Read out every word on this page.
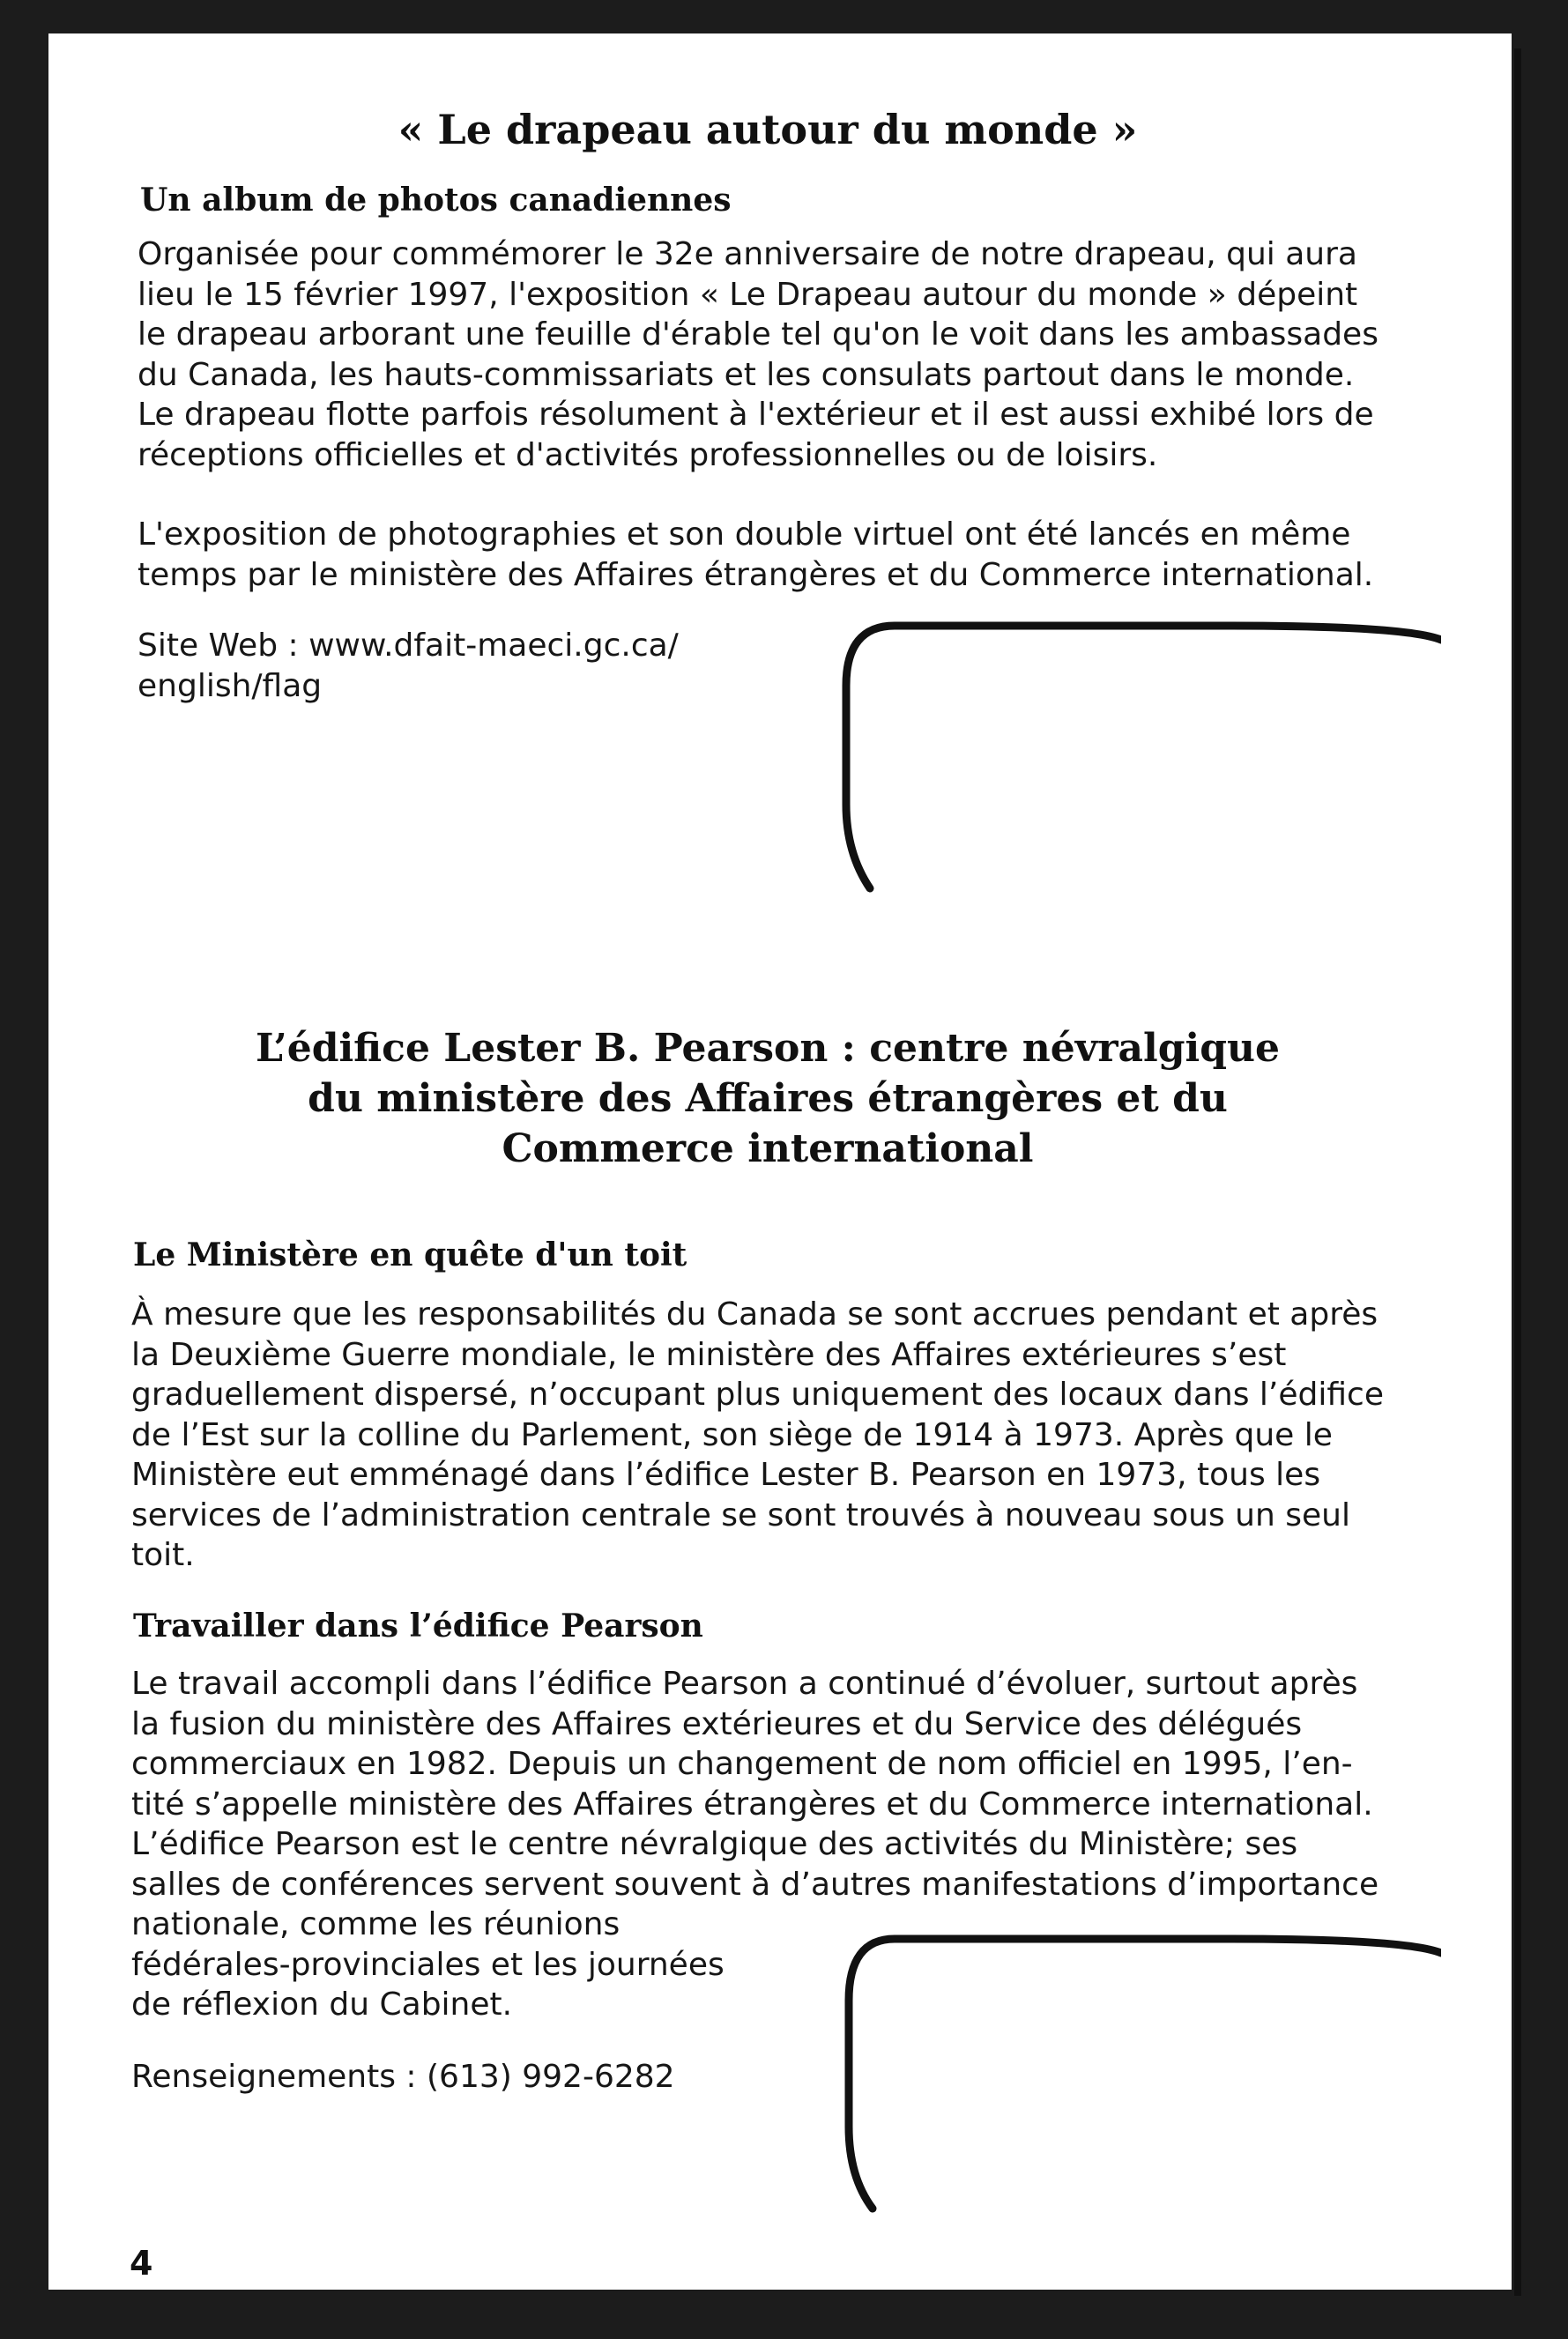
« Le drapeau autour du monde »
Un album de photos canadiennes
Organisée pour commémorer le 32e anniversaire de notre drapeau, qui aura
lieu le 15 février 1997, l'exposition « Le Drapeau autour du monde » dépeint
le drapeau arborant une feuille d'érable tel qu'on le voit dans les ambassades
du Canada, les hauts-commissariats et les consulats partout dans le monde.
Le drapeau flotte parfois résolument à l'extérieur et il est aussi exhibé lors de
réceptions officielles et d'activités professionnelles ou de loisirs.
L'exposition de photographies et son double virtuel ont été lancés en même
temps par le ministère des Affaires étrangères et du Commerce international.
Site Web : www.dfait-maeci.gc.ca/
english/flag
L’édifice Lester B. Pearson : centre névralgique
du ministère des Affaires étrangères et du
Commerce international
Le Ministère en quête d'un toit
À mesure que les responsabilités du Canada se sont accrues pendant et après
la Deuxième Guerre mondiale, le ministère des Affaires extérieures s’est
graduellement dispersé, n’occupant plus uniquement des locaux dans l’édifice
de l’Est sur la colline du Parlement, son siège de 1914 à 1973. Après que le
Ministère eut emménagé dans l’édifice Lester B. Pearson en 1973, tous les
services de l’administration centrale se sont trouvés à nouveau sous un seul
toit.
Travailler dans l’édifice Pearson
Le travail accompli dans l’édifice Pearson a continué d’évoluer, surtout après
la fusion du ministère des Affaires extérieures et du Service des délégués
commerciaux en 1982. Depuis un changement de nom officiel en 1995, l’en-
tité s’appelle ministère des Affaires étrangères et du Commerce international.
L’édifice Pearson est le centre névralgique des activités du Ministère; ses
salles de conférences servent souvent à d’autres manifestations d’importance
nationale, comme les réunions
fédérales-provinciales et les journées
de réflexion du Cabinet.
Renseignements : (613) 992-6282
4
